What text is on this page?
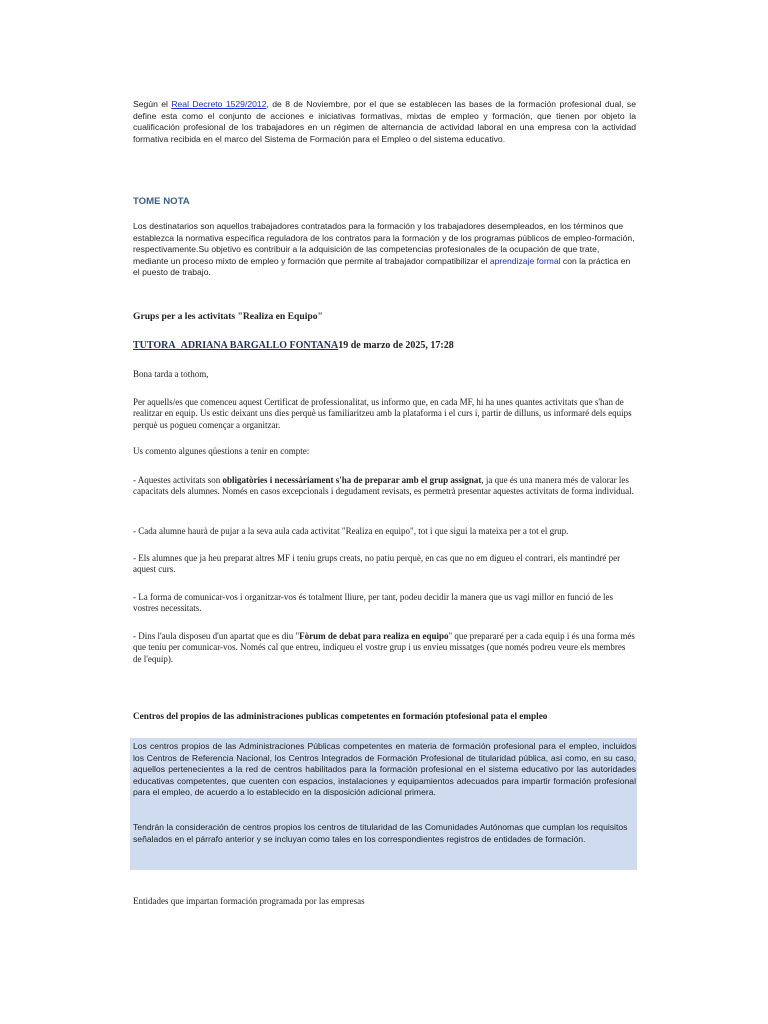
Según el Real Decreto 1529/2012, de 8 de Noviembre, por el que se establecen las bases de la formación profesional dual, se define esta como el conjunto de acciones e iniciativas formativas, mixtas de empleo y formación, que tienen por objeto la cualificación profesional de los trabajadores en un régimen de alternancia de actividad laboral en una empresa con la actividad formativa recibida en el marco del Sistema de Formación para el Empleo o del sistema educativo.

TOME NOTA

Los destinatarios son aquellos trabajadores contratados para la formación y los trabajadores desempleados, en los términos que establezca la normativa específica reguladora de los contratos para la formación y de los programas públicos de empleo-formación, respectivamente.Su objetivo es contribuir a la adquisición de las competencias profesionales de la ocupación de que trate, mediante un proceso mixto de empleo y formación que permite al trabajador compatibilizar el aprendizaje formal con la práctica en el puesto de trabajo.

Grups per a les activitats "Realiza en Equipo"

TUTORA_ADRIANA BARGALLO FONTANA19 de marzo de 2025, 17:28

Bona tarda a tothom,

Per aquells/es que comenceu aquest Certificat de professionalitat, us informo que, en cada MF, hi ha unes quantes activitats que s'han de realitzar en equip. Us estic deixant uns dies perquè us familiaritzeu amb la plataforma i el curs i, partir de dilluns, us informaré dels equips perquè us pogueu començar a organitzar.

Us comento algunes qüestions a tenir en compte:

- Aquestes activitats son obligatòries i necessàriament s'ha de preparar amb el grup assignat, ja que és una manera més de valorar les capacitats dels alumnes. Només en casos excepcionals i degudament revisats, es permetrà presentar aquestes activitats de forma individual.

- Cada alumne haurà de pujar a la seva aula cada activitat "Realiza en equipo", tot i que sigui la mateixa per a tot el grup.

- Els alumnes que ja heu preparat altres MF i teniu grups creats, no patiu perquè, en cas que no em digueu el contrari, els mantindré per aquest curs.

- La forma de comunicar-vos i organitzar-vos és totalment lliure, per tant, podeu decidir la manera que us vagi millor en funció de les vostres necessitats.

- Dins l'aula disposeu d'un apartat que es diu "Fòrum de debat para realiza en equipo" que prepararé per a cada equip i és una forma més que teniu per comunicar-vos. Només cal que entreu, indiqueu el vostre grup i us envieu missatges (que només podreu veure els membres de l'equip).

Centros del propios de las administraciones publicas competentes en formación ptofesional pata el empleo

Los centros propios de las Administraciones Públicas competentes en materia de formación profesional para el empleo, incluidos los Centros de Referencia Nacional, los Centros Integrados de Formación Profesional de titularidad pública, así como, en su caso, aquellos pertenecientes a la red de centros habilitados para la formación profesional en el sistema educativo por las autoridades educativas competentes, que cuenten con espacios, instalaciones y equipamientos adecuados para impartir formación profesional para el empleo, de acuerdo a lo establecido en la disposición adicional primera.

Tendrán la consideración de centros propios los centros de titularidad de las Comunidades Autónomas que cumplan los requisitos señalados en el párrafo anterior y se incluyan como tales en los correspondientes registros de entidades de formación.

Entidades que impartan formación programada por las empresas
